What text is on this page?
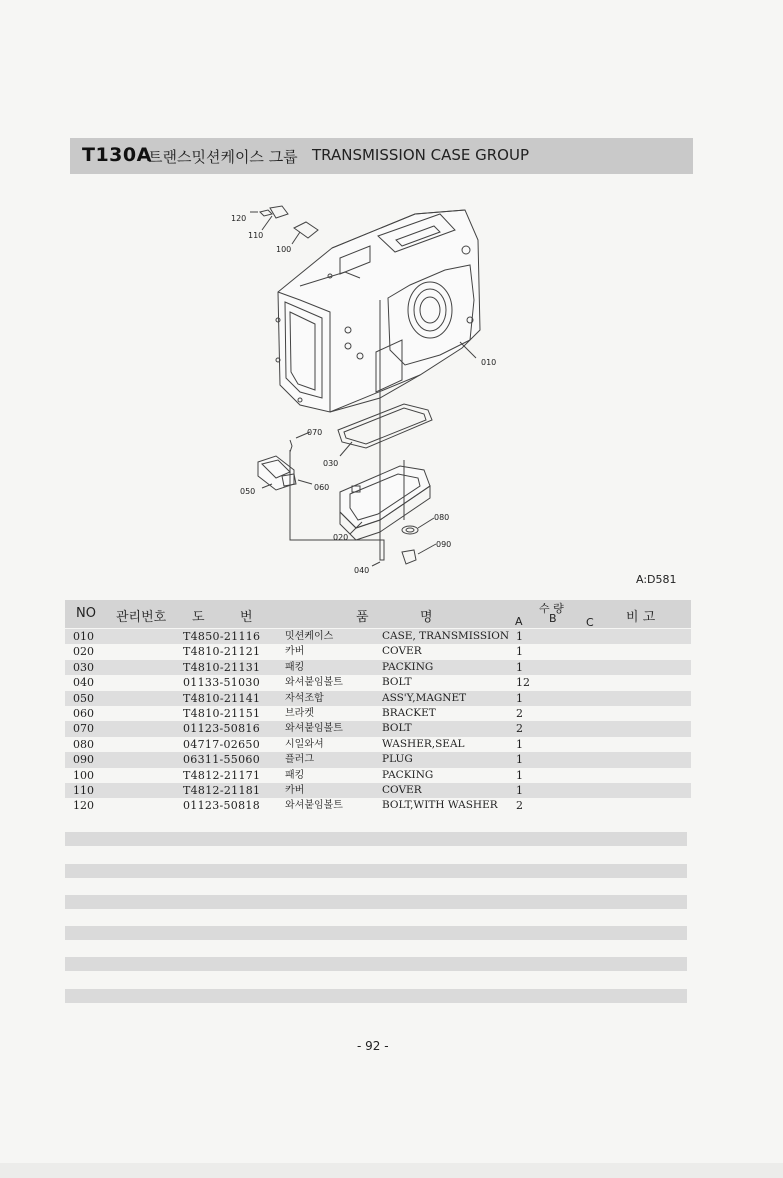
T130A
트랜스밋션케이스 그룹 TRANSMISSION CASE GROUP
120
110
100
010
070
030
050	060
080
020
090
040
A:D581
NO 관리번호 도	번	품	명
수 량
A B	C 비 고
010	T4850-21116 밋션케이스	CASE, TRANSMISSION 1
020	T4810-21121 카버	COVER	1
030	T4810-21131 패킹	PACKING	1
040	01133-51030 와셔붙임볼트	BOLT	12
050	T4810-21141 자석조합	ASS'Y,MAGNET	1
060	T4810-21151 브라켓	BRACKET	2
070	01123-50816 와셔붙임볼트	BOLT	2
080	04717-02650 시일와셔	WASHER,SEAL	1
090	06311-55060 플러그	PLUG	1
100	T4812-21171 패킹	PACKING	1
110	T4812-21181 카버	COVER	1
120	01123-50818 와셔붙임볼트	BOLT,WITH WASHER 2
- 92 -
